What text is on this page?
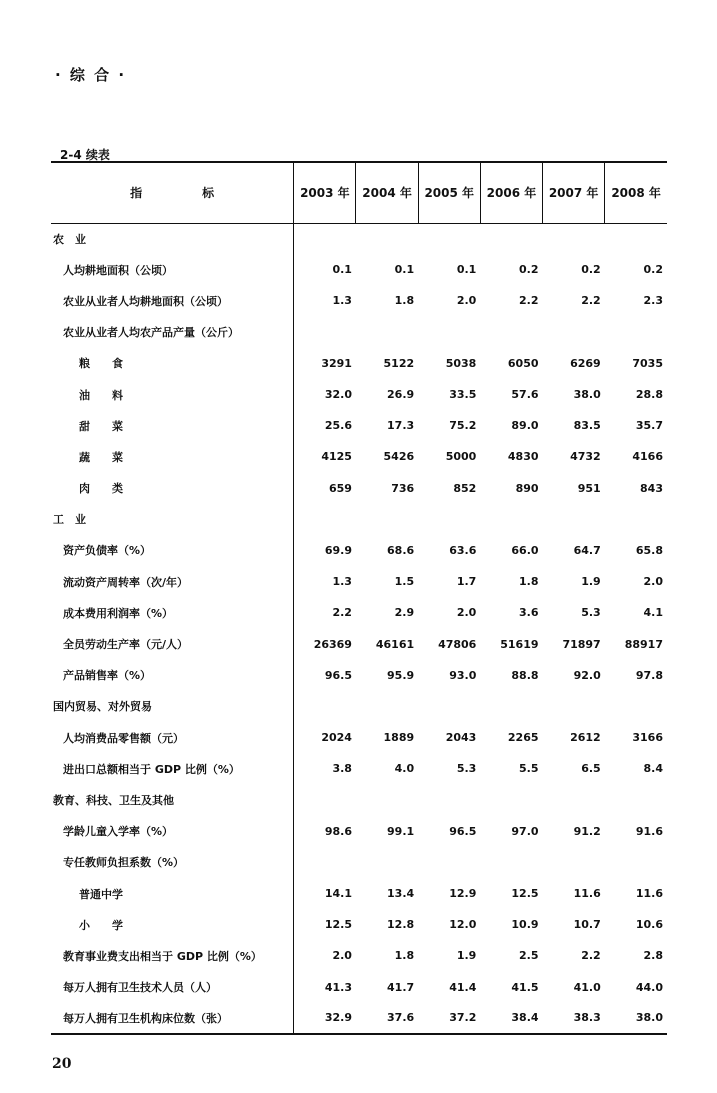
· 综 合 ·
2-4 续表
指　　　　　标	2003 年	2004 年	2005 年	2006 年	2007 年	2008 年
农　业						
人均耕地面积（公顷）	0.1	0.1	0.1	0.2	0.2	0.2
农业从业者人均耕地面积（公顷）	1.3	1.8	2.0	2.2	2.2	2.3
农业从业者人均农产品产量（公斤）						
粮　　食	3291	5122	5038	6050	6269	7035
油　　料	32.0	26.9	33.5	57.6	38.0	28.8
甜　　菜	25.6	17.3	75.2	89.0	83.5	35.7
蔬　　菜	4125	5426	5000	4830	4732	4166
肉　　类	659	736	852	890	951	843
工　业						
资产负债率（%）	69.9	68.6	63.6	66.0	64.7	65.8
流动资产周转率（次/年）	1.3	1.5	1.7	1.8	1.9	2.0
成本费用利润率（%）	2.2	2.9	2.0	3.6	5.3	4.1
全员劳动生产率（元/人）	26369	46161	47806	51619	71897	88917
产品销售率（%）	96.5	95.9	93.0	88.8	92.0	97.8
国内贸易、对外贸易						
人均消费品零售额（元）	2024	1889	2043	2265	2612	3166
进出口总额相当于 GDP 比例（%）	3.8	4.0	5.3	5.5	6.5	8.4
教育、科技、卫生及其他						
学龄儿童入学率（%）	98.6	99.1	96.5	97.0	91.2	91.6
专任教师负担系数（%）						
普通中学	14.1	13.4	12.9	12.5	11.6	11.6
小　　学	12.5	12.8	12.0	10.9	10.7	10.6
教育事业费支出相当于 GDP 比例（%）	2.0	1.8	1.9	2.5	2.2	2.8
每万人拥有卫生技术人员（人）	41.3	41.7	41.4	41.5	41.0	44.0
每万人拥有卫生机构床位数（张）	32.9	37.6	37.2	38.4	38.3	38.0
20
